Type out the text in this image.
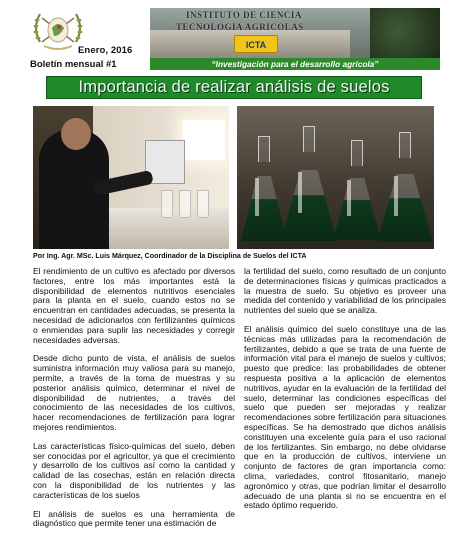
Enero, 2016
Boletín mensual #1
INSTITUTO DE CIENCIA
TECNOLOGIA AGRICOLAS
ICTA
“Investigación para el desarrollo agrícola”
Importancia de realizar análisis de suelos
Por Ing. Agr. MSc. Luis Márquez, Coordinador de la Disciplina de Suelos del ICTA

El rendimiento de un cultivo es afectado por diversos factores, entre los más importantes está la disponibilidad de elementos nutritivos esenciales para la planta en el suelo, cuando estos no se encuentran en cantidades adecuadas, se presenta la necesidad de adicionarlos con fertilizantes químicos o enmiendas para suplir las necesidades y corregir necesidades adversas.

Desde dicho punto de vista, el análisis de suelos suministra información muy valiosa para su manejo, permite, a través de la toma de muestras y su posterior análisis químico, determinar el nivel de disponibilidad de nutrientes, a través del conocimiento de las necesidades de los cultivos, hacer recomendaciones de fertilización para lograr mejores rendimientos.

Las características físico-químicas del suelo, deben ser conocidas por el agricultor, ya que el crecimiento y desarrollo de los cultivos así como la cantidad y calidad de las cosechas, están en relación directa con la disponibilidad de los nutrientes y las características de los suelos

El análisis de suelos es una herramienta de diagnóstico que permite tener una estimación de

la fertilidad del suelo, como resultado de un conjunto de determinaciones físicas y químicas practicados a la muestra de suelo. Su objetivo es proveer una medida del contenido y variabilidad de los principales nutrientes del suelo que se analiza.

El análisis químico del suelo constituye una de las técnicas más utilizadas para la recomendación de fertilizantes, debido a que se trata de una fuente de información vital para el manejo de suelos y cultivos; puesto que predice: las probabilidades de obtener respuesta positiva a la aplicación de elementos nutritivos, ayudar en la evaluación de la fertilidad del suelo, determinar las condiciones específicas del suelo que pueden ser mejoradas y realizar recomendaciones sobre fertilización para situaciones específicas. Se ha demostrado que dichos análisis constituyen una excelente guía para el uso racional de los fertilizantes. Sin embargo, no debe olvidarse que en la producción de cultivos, interviene un conjunto de factores de gran importancia como: clima, variedades, control fitosanitario, manejo agronómico y otras, que podrían limitar el desarrollo adecuado de una planta si no se encuentra en el estado óptimo requerido.
